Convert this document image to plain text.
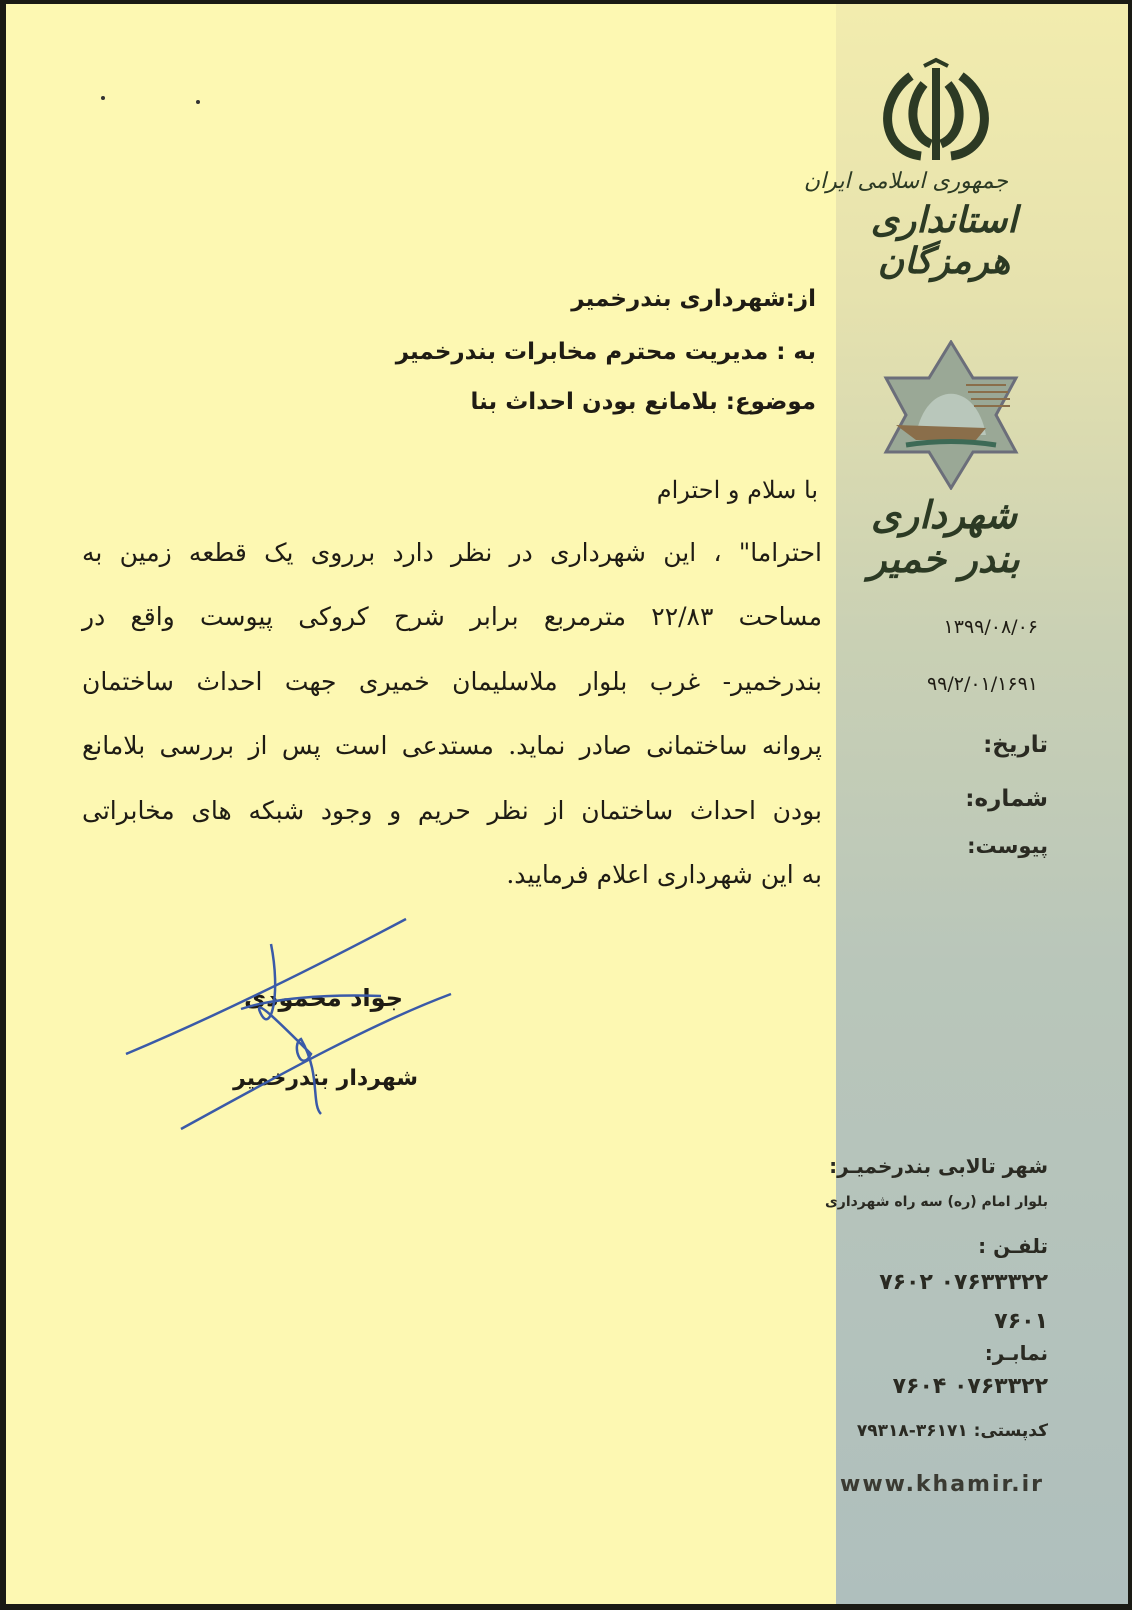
جمهوری اسلامی ایران
استانداری هرمزگان
شهرداری بندر خمیر
۱۳۹۹/۰۸/۰۶
۹۹/۲/۰۱/۱۶۹۱
تاریخ:
شماره:
پیوست:
از:شهرداری بندرخمیر
به : مدیریت محترم مخابرات بندرخمیر
موضوع: بلامانع بودن احداث بنا
با سلام و احترام
احتراما" ، این شهرداری در نظر دارد برروی یک قطعه زمین به
مساحت ۲۲/۸۳ مترمربع برابر شرح کروکی پیوست واقع در
بندرخمیر- غرب بلوار ملاسلیمان خمیری جهت احداث ساختمان
پروانه ساختمانی صادر نماید. مستدعی است پس از بررسی بلامانع
بودن احداث ساختمان از نظر حریم و وجود شبکه های مخابراتی
به این شهرداری اعلام فرمایید.
جواد محمودی
شهردار بندرخمیر
شهر تالابی بندرخمیـر:
بلوار امام (ره) سه راه شهرداری
تلفـن :
۰۷۶۳۳۳۲۲ ۷۶۰۲
۷۶۰۱
نمابـر:
۰۷۶۳۳۲۲ ۷۶۰۴
کدپستی: ۳۶۱۷۱-۷۹۳۱۸
www.khamir.ir
